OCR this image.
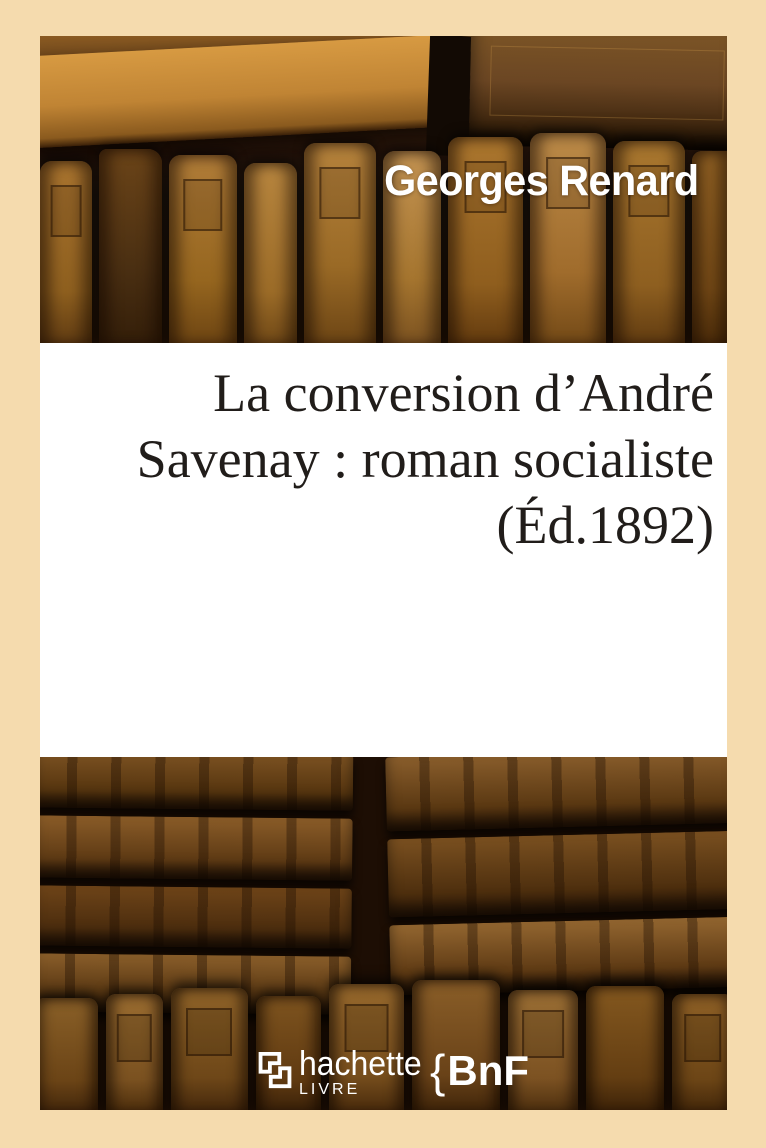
Georges Renard
La conversion d’André
Savenay : roman socialiste
(Éd.1892)
hachette
LIVRE	{ BnF
